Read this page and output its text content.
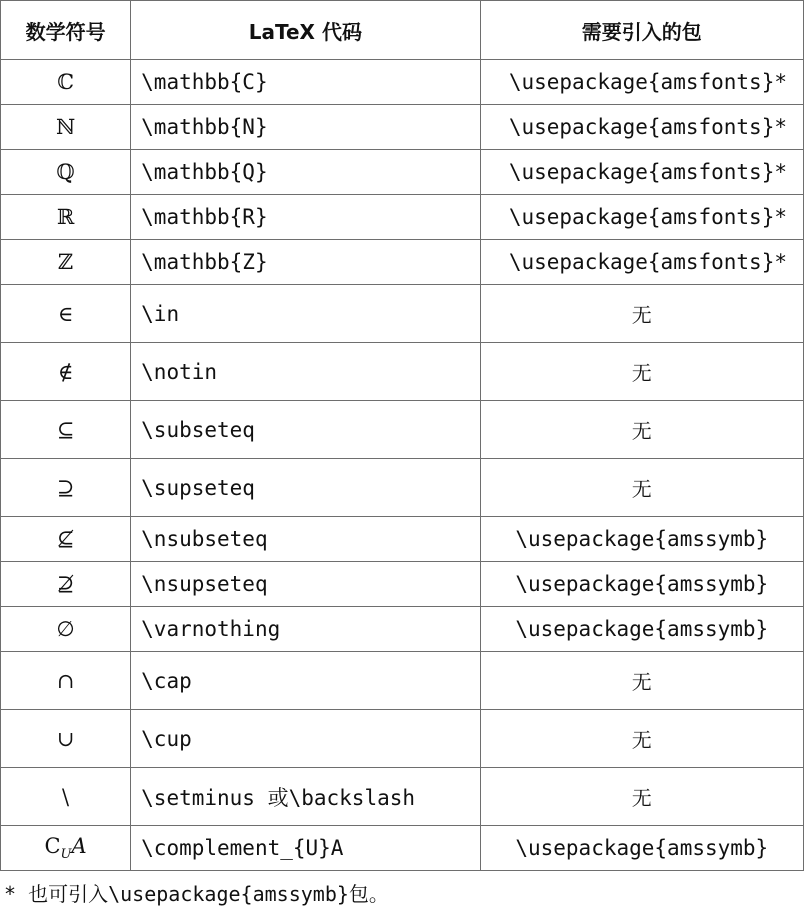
数学符号	LaTeX 代码	需要引入的包
ℂ	\mathbb{C}	\usepackage{amsfonts}*
ℕ	\mathbb{N}	\usepackage{amsfonts}*
ℚ	\mathbb{Q}	\usepackage{amsfonts}*
ℝ	\mathbb{R}	\usepackage{amsfonts}*
ℤ	\mathbb{Z}	\usepackage{amsfonts}*
∈	\in	无
∉	\notin	无
⊆	\subseteq	无
⊇	\supseteq	无
⊈	\nsubseteq	\usepackage{amssymb}
⊉	\nsupseteq	\usepackage{amssymb}
∅	\varnothing	\usepackage{amssymb}
∩	\cap	无
∪	\cup	无
\	\setminus 或\backslash	无
$C_UA$	\complement_{U}A	\usepackage{amssymb}
* 也可引入\usepackage{amssymb}包。
